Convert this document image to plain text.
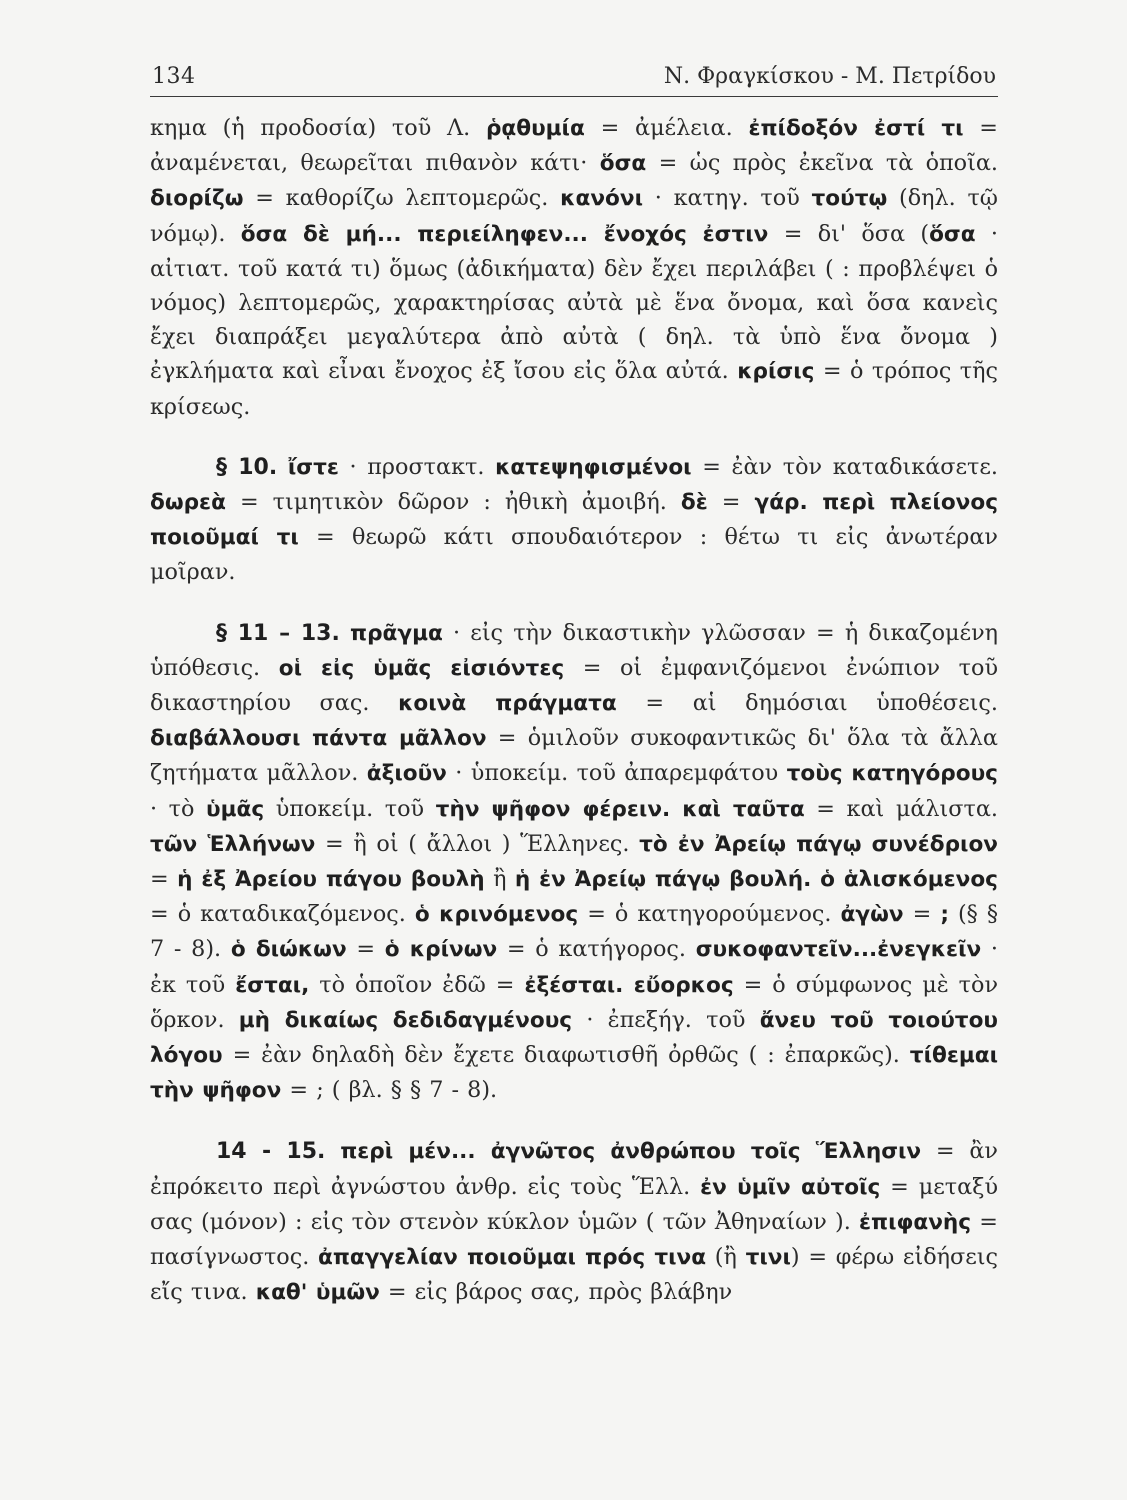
134	Ν. Φραγκίσκου - Μ. Πετρίδου

κημα (ἡ προδοσία) τοῦ Λ. ῥᾳθυμία = ἀμέλεια. ἐπίδοξόν ἐστί τι = ἀναμένεται, θεωρεῖται πιθανὸν κάτι· ὅσα = ὡς πρὸς ἐκεῖνα τὰ ὁποῖα. διορίζω = καθορίζω λεπτομερῶς. κανόνι · κατηγ. τοῦ τούτῳ (δηλ. τῷ νόμῳ). ὅσα δὲ μή... περιείληφεν... ἔνοχός ἐστιν = δι' ὅσα (ὅσα · αἰτιατ. τοῦ κατά τι) ὅμως (ἀδικήματα) δὲν ἔχει περιλάβει ( : προβλέψει ὁ νόμος) λεπτομερῶς, χαρακτηρίσας αὐτὰ μὲ ἕνα ὄνομα, καὶ ὅσα κανεὶς ἔχει διαπράξει μεγαλύτερα ἀπὸ αὐτὰ ( δηλ. τὰ ὑπὸ ἕνα ὄνομα ) ἐγκλήματα καὶ εἶναι ἔνοχος ἐξ ἴσου εἰς ὅλα αὐτά. κρίσις = ὁ τρόπος τῆς κρίσεως.

§ 10. ἴστε · προστακτ. κατεψηφισμένοι = ἐὰν τὸν καταδικάσετε. δωρεὰ = τιμητικὸν δῶρον : ἠθικὴ ἀμοιβή. δὲ = γάρ. περὶ πλείονος ποιοῦμαί τι = θεωρῶ κάτι σπουδαιότερον : θέτω τι εἰς ἀνωτέραν μοῖραν.

§ 11 – 13. πρᾶγμα · εἰς τὴν δικαστικὴν γλῶσσαν = ἡ δικαζομένη ὑπόθεσις. οἱ εἰς ὑμᾶς εἰσιόντες = οἱ ἐμφανιζόμενοι ἐνώπιον τοῦ δικαστηρίου σας. κοινὰ πράγματα = αἱ δημόσιαι ὑποθέσεις. διαβάλλουσι πάντα μᾶλλον = ὁμιλοῦν συκοφαντικῶς δι' ὅλα τὰ ἄλλα ζητήματα μᾶλλον. ἀξιοῦν · ὑποκείμ. τοῦ ἀπαρεμφάτου τοὺς κατηγόρους · τὸ ὑμᾶς ὑποκείμ. τοῦ τὴν ψῆφον φέρειν. καὶ ταῦτα = καὶ μάλιστα. τῶν Ἑλλήνων = ἢ οἱ ( ἄλλοι ) Ἕλληνες. τὸ ἐν Ἀρείῳ πάγῳ συνέδριον = ἡ ἐξ Ἀρείου πάγου βουλὴ ἢ ἡ ἐν Ἀρείῳ πάγῳ βουλή. ὁ ἁλισκόμενος = ὁ καταδικαζόμενος. ὁ κρινόμενος = ὁ κατηγορούμενος. ἀγὼν = ; (§ § 7 - 8). ὁ διώκων = ὁ κρίνων = ὁ κατήγορος. συκοφαντεῖν...ἐνεγκεῖν · ἐκ τοῦ ἔσται, τὸ ὁποῖον ἐδῶ = ἐξέσται. εὔορκος = ὁ σύμφωνος μὲ τὸν ὅρκον. μὴ δικαίως δεδιδαγμένους · ἐπεξήγ. τοῦ ἄνευ τοῦ τοιούτου λόγου = ἐὰν δηλαδὴ δὲν ἔχετε διαφωτισθῆ ὀρθῶς ( : ἐπαρκῶς). τίθεμαι τὴν ψῆφον = ; ( βλ. § § 7 - 8).

14 - 15. περὶ μέν... ἀγνῶτος ἀνθρώπου τοῖς Ἕλλησιν = ἂν ἐπρόκειτο περὶ ἀγνώστου ἀνθρ. εἰς τοὺς Ἕλλ. ἐν ὑμῖν αὐτοῖς = μεταξύ σας (μόνον) : εἰς τὸν στενὸν κύκλον ὑμῶν ( τῶν Ἀθηναίων ). ἐπιφανὴς = πασίγνωστος. ἀπαγγελίαν ποιοῦμαι πρός τινα (ἢ τινι) = φέρω εἰδήσεις εἴς τινα. καθ' ὑμῶν = εἰς βάρος σας, πρὸς βλάβην
